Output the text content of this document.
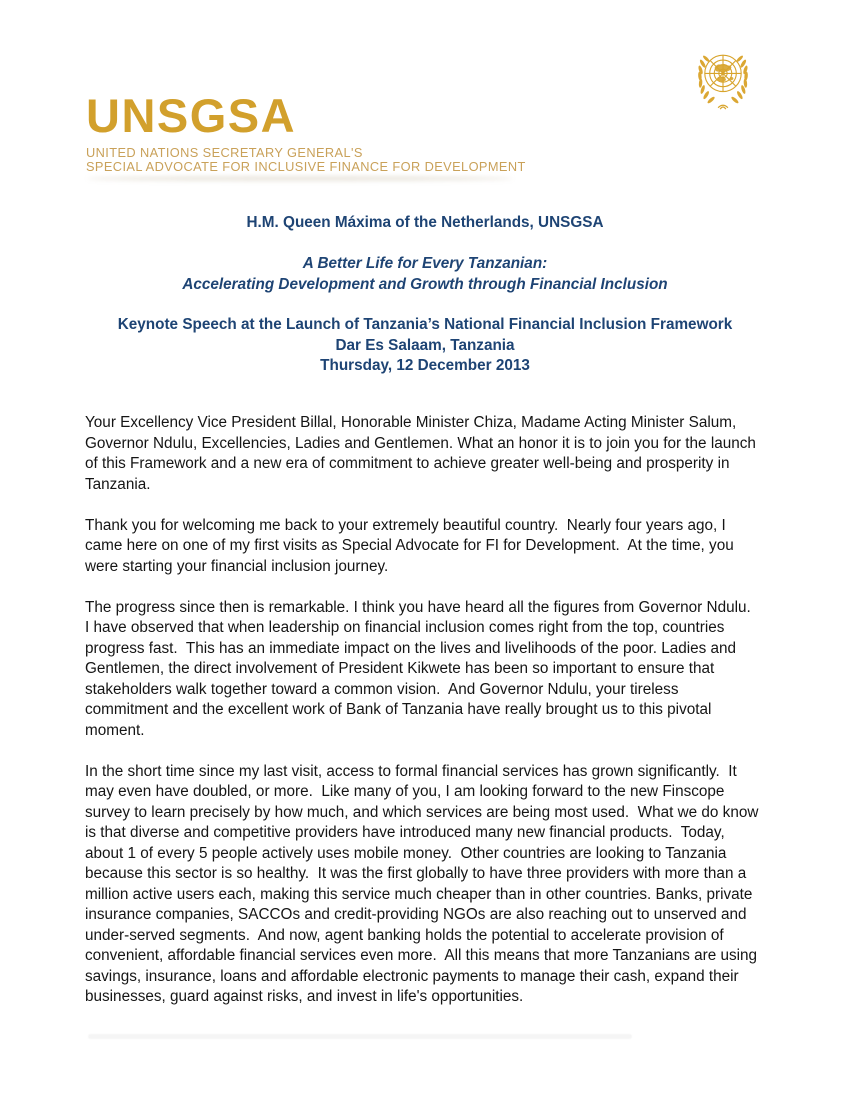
UNSGSA
UNITED NATIONS SECRETARY GENERAL'S
SPECIAL ADVOCATE FOR INCLUSIVE FINANCE FOR DEVELOPMENT
H.M. Queen Máxima of the Netherlands, UNSGSA
A Better Life for Every Tanzanian:
Accelerating Development and Growth through Financial Inclusion
Keynote Speech at the Launch of Tanzania’s National Financial Inclusion Framework
Dar Es Salaam, Tanzania
Thursday, 12 December 2013

Your Excellency Vice President Billal, Honorable Minister Chiza, Madame Acting Minister Salum, Governor Ndulu, Excellencies, Ladies and Gentlemen. What an honor it is to join you for the launch of this Framework and a new era of commitment to achieve greater well-being and prosperity in Tanzania.

Thank you for welcoming me back to your extremely beautiful country.  Nearly four years ago, I came here on one of my first visits as Special Advocate for FI for Development.  At the time, you were starting your financial inclusion journey.

The progress since then is remarkable. I think you have heard all the figures from Governor Ndulu.   I have observed that when leadership on financial inclusion comes right from the top, countries progress fast.  This has an immediate impact on the lives and livelihoods of the poor. Ladies and Gentlemen, the direct involvement of President Kikwete has been so important to ensure that stakeholders walk together toward a common vision.  And Governor Ndulu, your tireless commitment and the excellent work of Bank of Tanzania have really brought us to this pivotal moment.

In the short time since my last visit, access to formal financial services has grown significantly.  It may even have doubled, or more.  Like many of you, I am looking forward to the new Finscope survey to learn precisely by how much, and which services are being most used.  What we do know is that diverse and competitive providers have introduced many new financial products.  Today, about 1 of every 5 people actively uses mobile money.  Other countries are looking to Tanzania because this sector is so healthy.  It was the first globally to have three providers with more than a million active users each, making this service much cheaper than in other countries. Banks, private insurance companies, SACCOs and credit-providing NGOs are also reaching out to unserved and under-served segments.  And now, agent banking holds the potential to accelerate provision of convenient, affordable financial services even more.  All this means that more Tanzanians are using savings, insurance, loans and affordable electronic payments to manage their cash, expand their businesses, guard against risks, and invest in life's opportunities.
